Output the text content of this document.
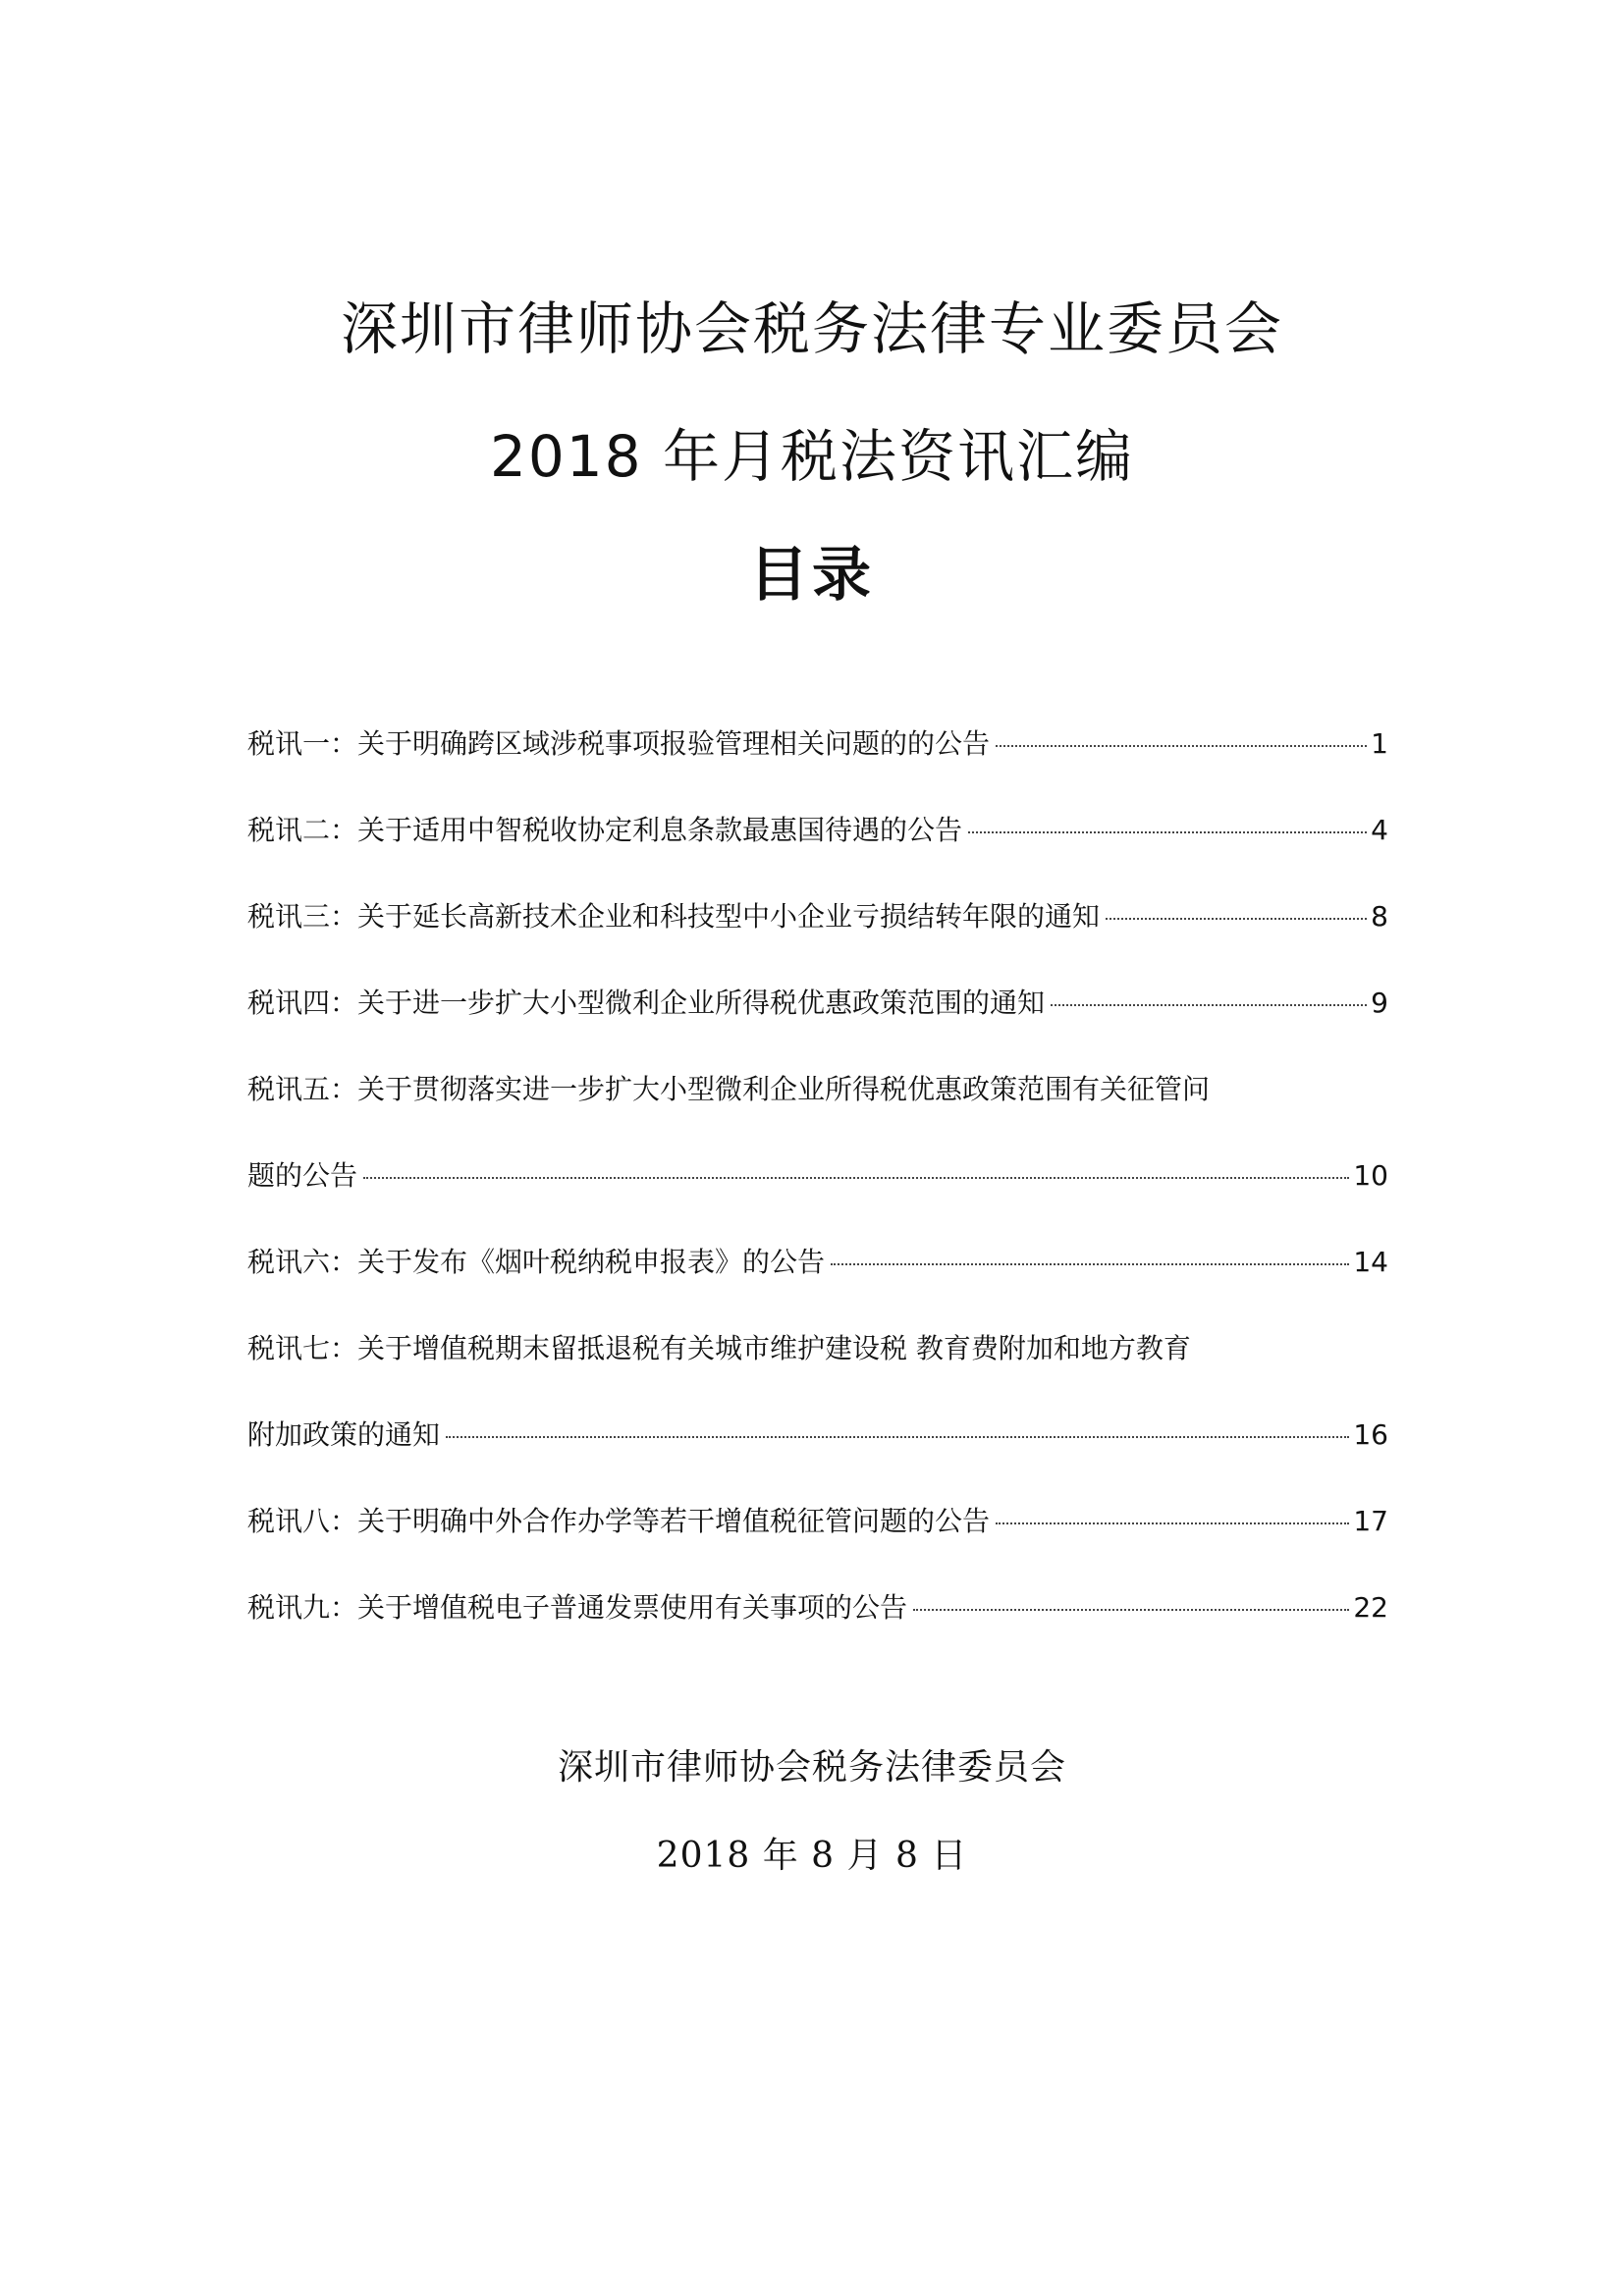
深圳市律师协会税务法律专业委员会
2018 年月税法资讯汇编
目录
税讯一：关于明确跨区域涉税事项报验管理相关问题的的公告	1
税讯二：关于适用中智税收协定利息条款最惠国待遇的公告	4
税讯三：关于延长高新技术企业和科技型中小企业亏损结转年限的通知	8
税讯四：关于进一步扩大小型微利企业所得税优惠政策范围的通知	9
税讯五：关于贯彻落实进一步扩大小型微利企业所得税优惠政策范围有关征管问
题的公告	10
税讯六：关于发布《烟叶税纳税申报表》的公告	14
税讯七：关于增值税期末留抵退税有关城市维护建设税 教育费附加和地方教育
附加政策的通知	16
税讯八：关于明确中外合作办学等若干增值税征管问题的公告	17
税讯九：关于增值税电子普通发票使用有关事项的公告	22
深圳市律师协会税务法律委员会
2018 年 8 月 8 日
